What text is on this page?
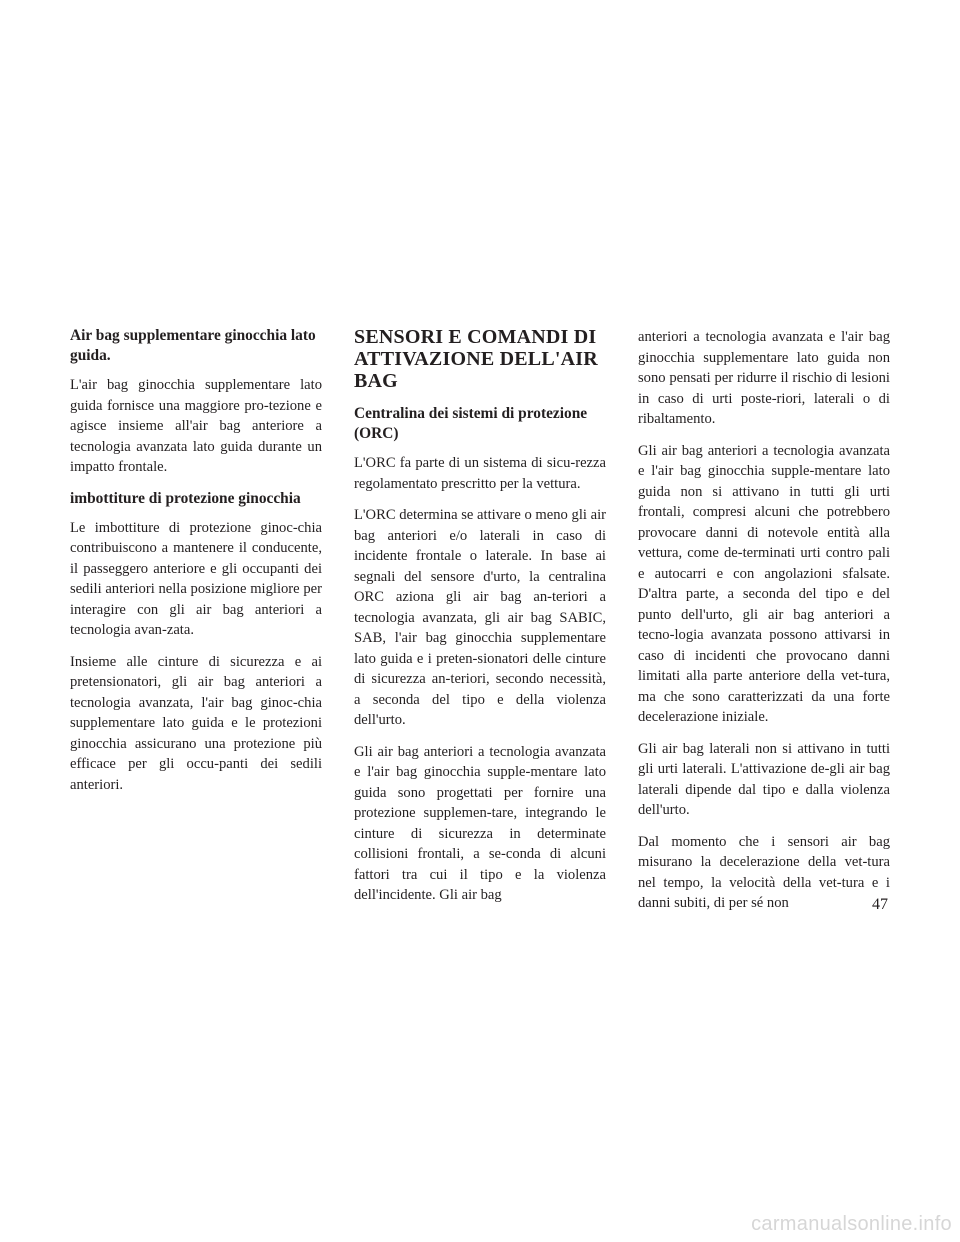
Air bag supplementare ginocchia lato guida.

L'air bag ginocchia supplementare lato guida fornisce una maggiore pro-tezione e agisce insieme all'air bag anteriore a tecnologia avanzata lato guida durante un impatto frontale.

imbottiture di protezione ginocchia

Le imbottiture di protezione ginoc-chia contribuiscono a mantenere il conducente, il passeggero anteriore e gli occupanti dei sedili anteriori nella posizione migliore per interagire con gli air bag anteriori a tecnologia avan-zata.

Insieme alle cinture di sicurezza e ai pretensionatori, gli air bag anteriori a tecnologia avanzata, l'air bag ginoc-chia supplementare lato guida e le protezioni ginocchia assicurano una protezione più efficace per gli occu-panti dei sedili anteriori.

SENSORI E COMANDI DI ATTIVAZIONE DELL'AIR BAG
Centralina dei sistemi di protezione (ORC)

L'ORC fa parte di un sistema di sicu-rezza regolamentato prescritto per la vettura.

L'ORC determina se attivare o meno gli air bag anteriori e/o laterali in caso di incidente frontale o laterale. In base ai segnali del sensore d'urto, la centralina ORC aziona gli air bag an-teriori a tecnologia avanzata, gli air bag SABIC, SAB, l'air bag ginocchia supplementare lato guida e i preten-sionatori delle cinture di sicurezza an-teriori, secondo necessità, a seconda del tipo e della violenza dell'urto.

Gli air bag anteriori a tecnologia avanzata e l'air bag ginocchia supple-mentare lato guida sono progettati per fornire una protezione supplemen-tare, integrando le cinture di sicurezza in determinate collisioni frontali, a se-conda di alcuni fattori tra cui il tipo e la violenza dell'incidente. Gli air bag

anteriori a tecnologia avanzata e l'air bag ginocchia supplementare lato guida non sono pensati per ridurre il rischio di lesioni in caso di urti poste-riori, laterali o di ribaltamento.

Gli air bag anteriori a tecnologia avanzata e l'air bag ginocchia supple-mentare lato guida non si attivano in tutti gli urti frontali, compresi alcuni che potrebbero provocare danni di notevole entità alla vettura, come de-terminati urti contro pali e autocarri e con angolazioni sfalsate. D'altra parte, a seconda del tipo e del punto dell'urto, gli air bag anteriori a tecno-logia avanzata possono attivarsi in caso di incidenti che provocano danni limitati alla parte anteriore della vet-tura, ma che sono caratterizzati da una forte decelerazione iniziale.

Gli air bag laterali non si attivano in tutti gli urti laterali. L'attivazione de-gli air bag laterali dipende dal tipo e dalla violenza dell'urto.

Dal momento che i sensori air bag misurano la decelerazione della vet-tura nel tempo, la velocità della vet-tura e i danni subiti, di per sé non	47
carmanualsonline.info
